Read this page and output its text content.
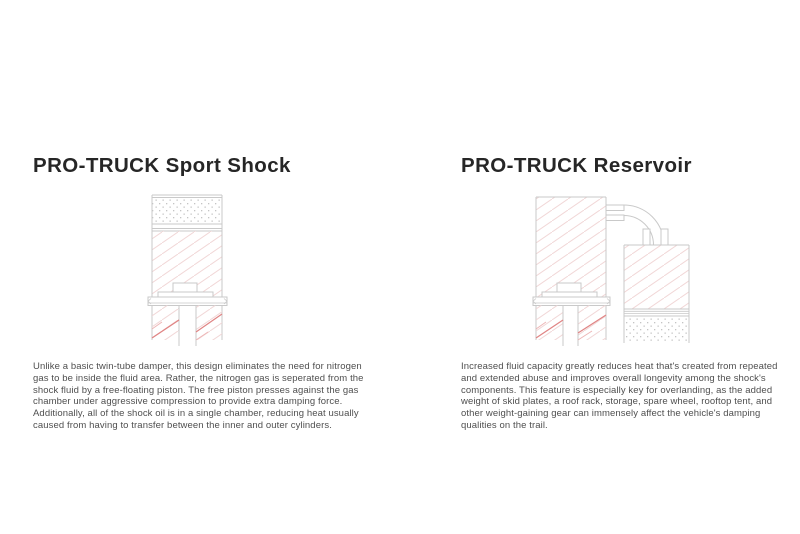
PRO-TRUCK Sport Shock

Unlike a basic twin-tube damper, this design eliminates the need for nitrogen gas to be inside the fluid area. Rather, the nitrogen gas is seperated from the shock fluid by a free-floating piston. The free piston presses against the gas chamber under aggressive compression to provide extra damping force. Additionally, all of the shock oil is in a single chamber, reducing heat usually caused from having to transfer between the inner and outer cylinders.

PRO-TRUCK Reservoir

Increased fluid capacity greatly reduces heat that's created from repeated and extended abuse and improves overall longevity among the shock's components. This feature is especially key for overlanding, as the added weight of skid plates, a roof rack, storage, spare wheel, rooftop tent, and other weight-gaining gear can immensely affect the vehicle's damping qualities on the trail.
